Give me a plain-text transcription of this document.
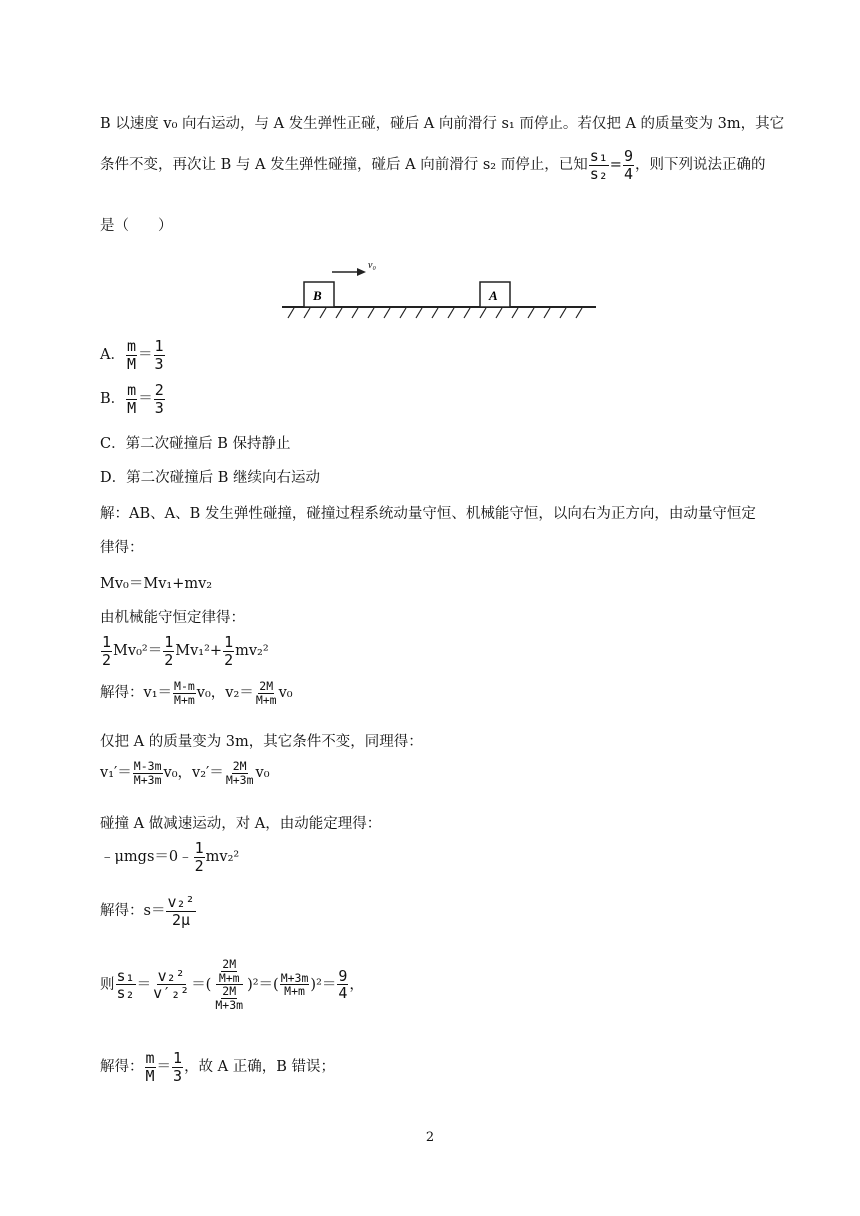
B 以速度 v₀ 向右运动，与 A 发生弹性正碰，碰后 A 向前滑行 s₁ 而停止。若仅把 A 的质量变为 3m，其它
条件不变，再次让 B 与 A 发生弹性碰撞，碰后 A 向前滑行 s₂ 而停止，已知 $\frac{\text{s₁}}{\text{s₂}} = \frac{9}{4}$ ，则下列说法正确的
是（　　）
B	A
v₀
A． $\frac{m}{M} = \frac{1}{3}$
B． $\frac{m}{M} = \frac{2}{3}$
C．第二次碰撞后 B 保持静止
D．第二次碰撞后 B 继续向右运动
解：AB、A、B 发生弹性碰撞，碰撞过程系统动量守恒、机械能守恒，以向右为正方向，由动量守恒定
律得：
Mv₀＝Mv₁+mv₂
由机械能守恒定律得：
$\frac{1}{2} Mv_0^2= \frac{1}{2} Mv_1^2+ \frac{1}{2} mv_2^2$
解得：$v_1= \frac{M-m}{M+m} v_0$，$v_2= \frac{2M}{M+m} v_0$
仅把 A 的质量变为 3m，其它条件不变，同理得：
$v_1'= \frac{M-3m}{M+3m} v_0$，$v_2'= \frac{2M}{M+3m} v_0$
碰撞 A 做减速运动，对 A，由动能定理得：
﹣μmgs＝0﹣ $\frac{1}{2} mv_2^2$
解得：$s= \frac{\text{v₂²}}{2\mu}$
则 $\frac{\text{s₁}}{\text{s₂}} = \frac{\text{v₂²}}{\text{v′₂²}}$ ＝( $\frac{\frac{2M}{M+m}}{\frac{2M}{M+3m}} )^2=( \frac{M+3m}{M+m} )^2= \frac{9}{4}$ ，
解得： $\frac{m}{M} = \frac{1}{3}$ ，故 A 正确，B 错误；
2
